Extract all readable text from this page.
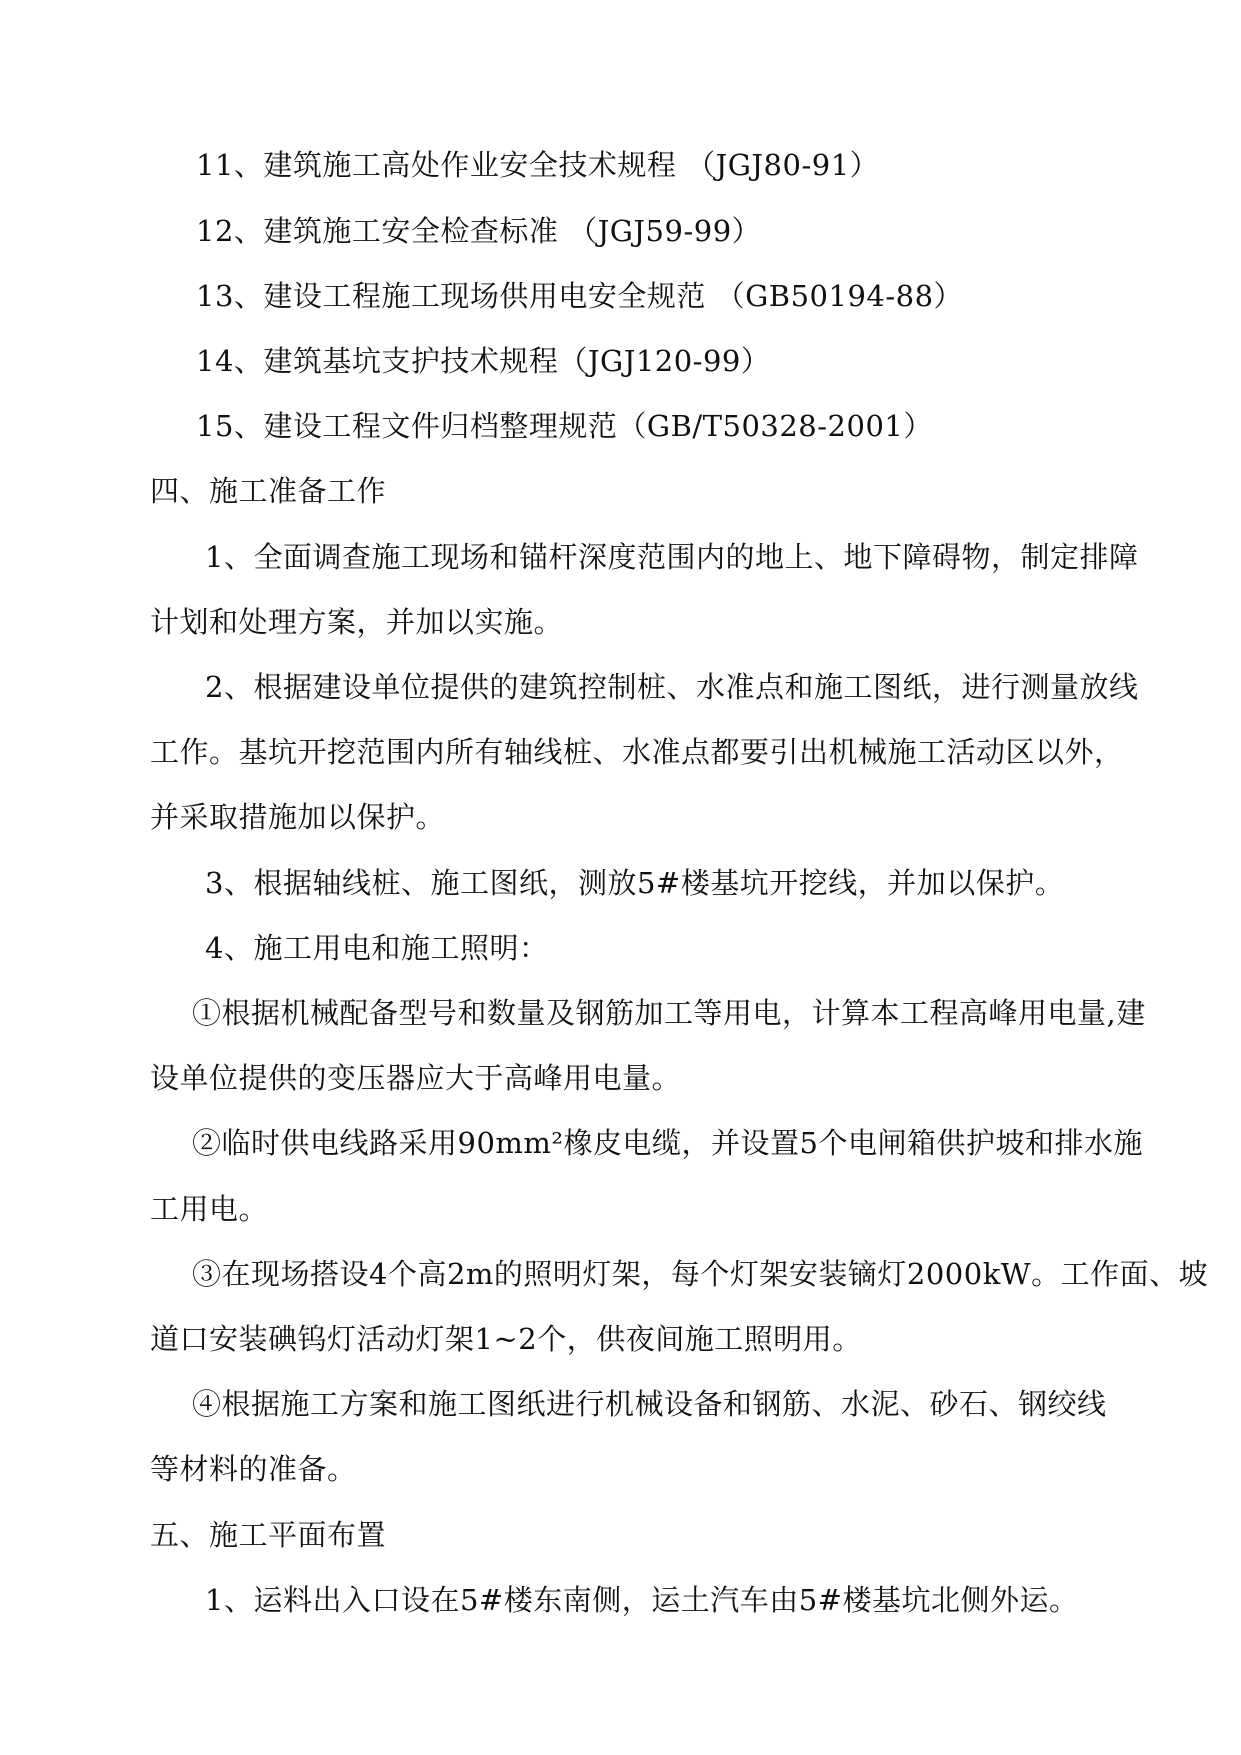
11、建筑施工高处作业安全技术规程 （JGJ80-91）
12、建筑施工安全检查标准 （JGJ59-99）
13、建设工程施工现场供用电安全规范 （GB50194-88）
14、建筑基坑支护技术规程（JGJ120-99）
15、建设工程文件归档整理规范（GB/T50328-2001）
四、施工准备工作
1、全面调查施工现场和锚杆深度范围内的地上、地下障碍物，制定排障
计划和处理方案，并加以实施。
2、根据建设单位提供的建筑控制桩、水准点和施工图纸，进行测量放线
工作。基坑开挖范围内所有轴线桩、水准点都要引出机械施工活动区以外，
并采取措施加以保护。
3、根据轴线桩、施工图纸，测放5#楼基坑开挖线，并加以保护。
4、施工用电和施工照明：
①根据机械配备型号和数量及钢筋加工等用电，计算本工程高峰用电量,建
设单位提供的变压器应大于高峰用电量。
②临时供电线路采用90mm²橡皮电缆，并设置5个电闸箱供护坡和排水施
工用电。
③在现场搭设4个高2m的照明灯架，每个灯架安装镝灯2000kW。工作面、坡
道口安装碘钨灯活动灯架1~2个，供夜间施工照明用。
④根据施工方案和施工图纸进行机械设备和钢筋、水泥、砂石、钢绞线
等材料的准备。
五、施工平面布置
1、运料出入口设在5#楼东南侧，运土汽车由5#楼基坑北侧外运。
